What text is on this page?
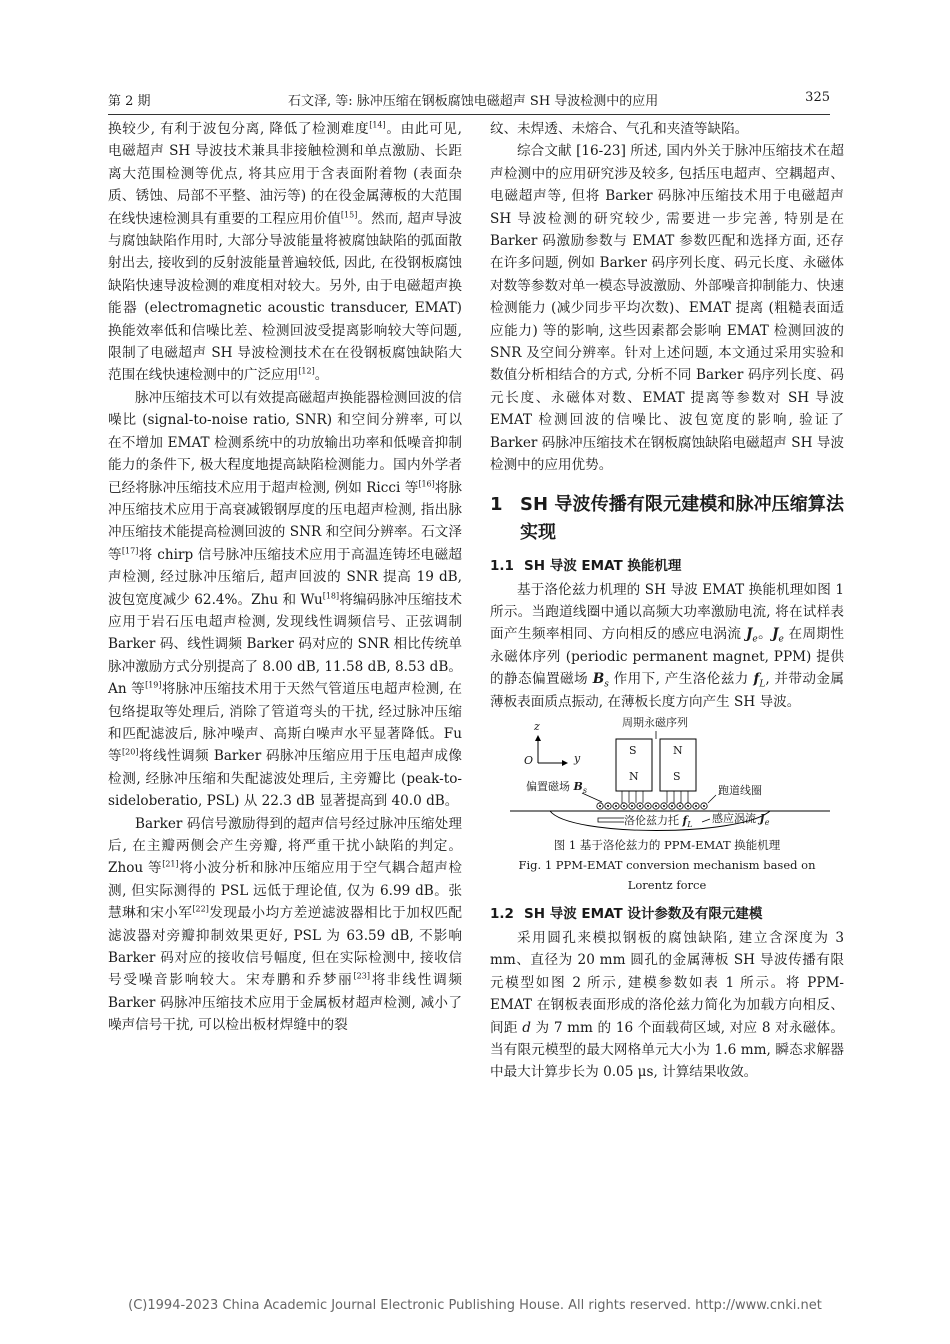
第 2 期	石文泽, 等: 脉冲压缩在钢板腐蚀电磁超声 SH 导波检测中的应用	325

换较少, 有利于波包分离, 降低了检测难度[14]。由此可见, 电磁超声 SH 导波技术兼具非接触检测和单点激励、长距离大范围检测等优点, 将其应用于含表面附着物 (表面杂质、锈蚀、局部不平整、油污等) 的在役金属薄板的大范围在线快速检测具有重要的工程应用价值[15]。然而, 超声导波与腐蚀缺陷作用时, 大部分导波能量将被腐蚀缺陷的弧面散射出去, 接收到的反射波能量普遍较低, 因此, 在役钢板腐蚀缺陷快速导波检测的难度相对较大。另外, 由于电磁超声换能器 (electromagnetic acoustic transducer, EMAT) 换能效率低和信噪比差、检测回波受提离影响较大等问题, 限制了电磁超声 SH 导波检测技术在在役钢板腐蚀缺陷大范围在线快速检测中的广泛应用[12]。

脉冲压缩技术可以有效提高磁超声换能器检测回波的信噪比 (signal-to-noise ratio, SNR) 和空间分辨率, 可以在不增加 EMAT 检测系统中的功放输出功率和低噪音抑制能力的条件下, 极大程度地提高缺陷检测能力。国内外学者已经将脉冲压缩技术应用于超声检测, 例如 Ricci 等[16]将脉冲压缩技术应用于高衰减锻钢厚度的压电超声检测, 指出脉冲压缩技术能提高检测回波的 SNR 和空间分辨率。石文泽等[17]将 chirp 信号脉冲压缩技术应用于高温连铸坯电磁超声检测, 经过脉冲压缩后, 超声回波的 SNR 提高 19 dB, 波包宽度减少 62.4%。Zhu 和 Wu[18]将编码脉冲压缩技术应用于岩石压电超声检测, 发现线性调频信号、正弦调制 Barker 码、线性调频 Barker 码对应的 SNR 相比传统单脉冲激励方式分别提高了 8.00 dB, 11.58 dB, 8.53 dB。An 等[19]将脉冲压缩技术用于天然气管道压电超声检测, 在包络提取等处理后, 消除了管道弯头的干扰, 经过脉冲压缩和匹配滤波后, 脉冲噪声、高斯白噪声水平显著降低。Fu 等[20]将线性调频 Barker 码脉冲压缩应用于压电超声成像检测, 经脉冲压缩和失配滤波处理后, 主旁瓣比 (peak-to-sideloberatio, PSL) 从 22.3 dB 显著提高到 40.0 dB。

Barker 码信号激励得到的超声信号经过脉冲压缩处理后, 在主瓣两侧会产生旁瓣, 将严重干扰小缺陷的判定。Zhou 等[21]将小波分析和脉冲压缩应用于空气耦合超声检测, 但实际测得的 PSL 远低于理论值, 仅为 6.99 dB。张慧琳和宋小军[22]发现最小均方差逆滤波器相比于加权匹配滤波器对旁瓣抑制效果更好, PSL 为 63.59 dB, 不影响 Barker 码对应的接收信号幅度, 但在实际检测中, 接收信号受噪音影响较大。宋寿鹏和乔梦丽[23]将非线性调频 Barker 码脉冲压缩技术应用于金属板材超声检测, 减小了噪声信号干扰, 可以检出板材焊缝中的裂

纹、未焊透、未熔合、气孔和夹渣等缺陷。

综合文献 [16-23] 所述, 国内外关于脉冲压缩技术在超声检测中的应用研究涉及较多, 包括压电超声、空耦超声、电磁超声等, 但将 Barker 码脉冲压缩技术用于电磁超声 SH 导波检测的研究较少, 需要进一步完善, 特别是在 Barker 码激励参数与 EMAT 参数匹配和选择方面, 还存在许多问题, 例如 Barker 码序列长度、码元长度、永磁体对数等参数对单一模态导波激励、外部噪音抑制能力、快速检测能力 (减少同步平均次数)、EMAT 提离 (粗糙表面适应能力) 等的影响, 这些因素都会影响 EMAT 检测回波的 SNR 及空间分辨率。针对上述问题, 本文通过采用实验和数值分析相结合的方式, 分析不同 Barker 码序列长度、码元长度、永磁体对数、EMAT 提离等参数对 SH 导波 EMAT 检测回波的信噪比、波包宽度的影响, 验证了 Barker 码脉冲压缩技术在钢板腐蚀缺陷电磁超声 SH 导波检测中的应用优势。

1 SH 导波传播有限元建模和脉冲压缩算法实现
1.1 SH 导波 EMAT 换能机理

基于洛伦兹力机理的 SH 导波 EMAT 换能机理如图 1 所示。当跑道线圈中通以高频大功率激励电流, 将在试样表面产生频率相同、方向相反的感应电涡流 $J_e$。$J_e$ 在周期性永磁体序列 (periodic permanent magnet, PPM) 提供的静态偏置磁场 $B_s$ 作用下, 产生洛伦兹力 $f_L$, 并带动金属薄板表面质点振动, 在薄板长度方向产生 SH 导波。

z
O	y
周期永磁序列
S
N
N
S
偏置磁场 $B_s$	跑道线圈
洛伦兹力托 $f_L$ 感应涡流 $J_e$
图 1 基于洛伦兹力的 PPM-EMAT 换能机理
Fig. 1 PPM-EMAT conversion mechanism based on
Lorentz force
1.2 SH 导波 EMAT 设计参数及有限元建模

采用圆孔来模拟钢板的腐蚀缺陷, 建立含深度为 3 mm、直径为 20 mm 圆孔的金属薄板 SH 导波传播有限元模型如图 2 所示, 建模参数如表 1 所示。将 PPM-EMAT 在钢板表面形成的洛伦兹力简化为加载方向相反、间距 d 为 7 mm 的 16 个面载荷区域, 对应 8 对永磁体。当有限元模型的最大网格单元大小为 1.6 mm, 瞬态求解器中最大计算步长为 0.05 μs, 计算结果收敛。

(C)1994-2023 China Academic Journal Electronic Publishing House. All rights reserved. http://www.cnki.net
